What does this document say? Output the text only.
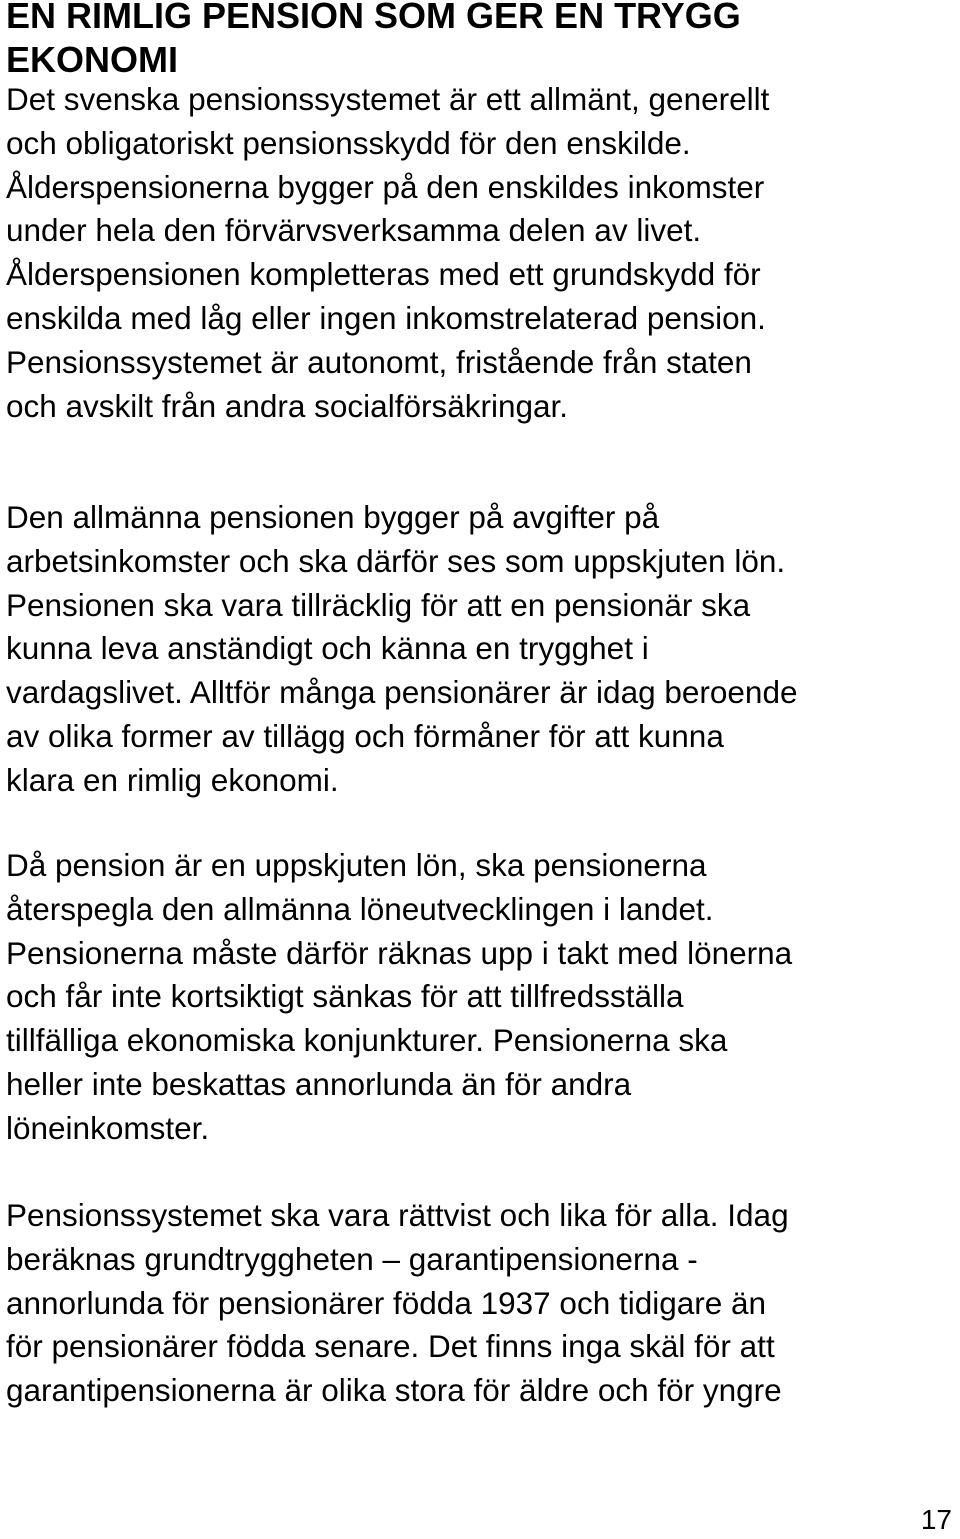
EN RIMLIG PENSION SOM GER EN TRYGG
EKONOMI

Det svenska pensionssystemet är ett allmänt, generellt
och obligatoriskt pensionsskydd för den enskilde.
Ålderspensionerna bygger på den enskildes inkomster
under hela den förvärvsverksamma delen av livet.
Ålderspensionen kompletteras med ett grundskydd för
enskilda med låg eller ingen inkomstrelaterad pension.
Pensionssystemet är autonomt, fristående från staten
och avskilt från andra socialförsäkringar.

Den allmänna pensionen bygger på avgifter på
arbetsinkomster och ska därför ses som uppskjuten lön.
Pensionen ska vara tillräcklig för att en pensionär ska
kunna leva anständigt och känna en trygghet i
vardagslivet. Alltför många pensionärer är idag beroende
av olika former av tillägg och förmåner för att kunna
klara en rimlig ekonomi.

Då pension är en uppskjuten lön, ska pensionerna
återspegla den allmänna löneutvecklingen i landet.
Pensionerna måste därför räknas upp i takt med lönerna
och får inte kortsiktigt sänkas för att tillfredsställa
tillfälliga ekonomiska konjunkturer. Pensionerna ska
heller inte beskattas annorlunda än för andra
löneinkomster.

Pensionssystemet ska vara rättvist och lika för alla. Idag
beräknas grundtryggheten – garantipensionerna -
annorlunda för pensionärer födda 1937 och tidigare än
för pensionärer födda senare. Det finns inga skäl för att
garantipensionerna är olika stora för äldre och för yngre

17
